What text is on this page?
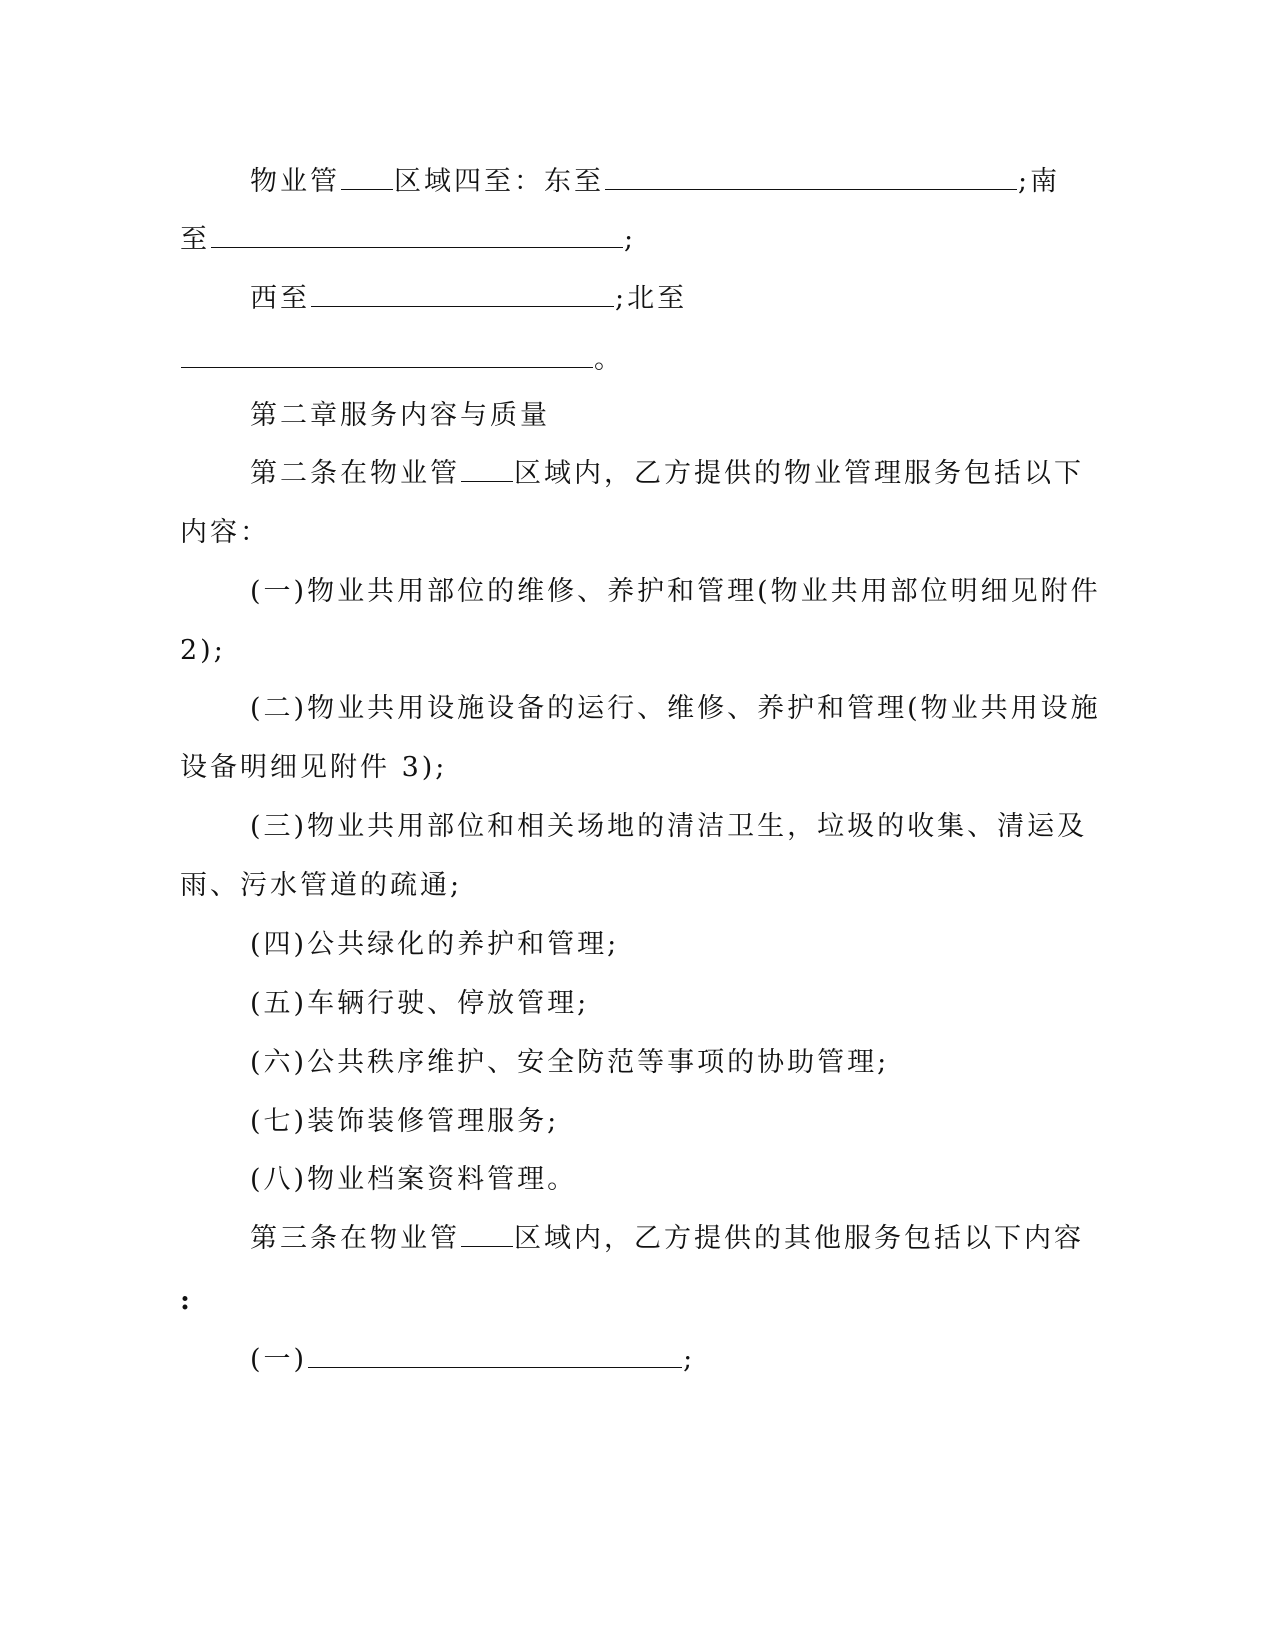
物业管 区域四至：东至	;南
至	;
西至	;北至
。
第二章服务内容与质量
第二条在物业管 区域内，乙方提供的物业管理服务包括以下
内容：
(一)物业共用部位的维修、养护和管理(物业共用部位明细见附件
2);
(二)物业共用设施设备的运行、维修、养护和管理(物业共用设施
设备明细见附件 3);
(三)物业共用部位和相关场地的清洁卫生，垃圾的收集、清运及
雨、污水管道的疏通;
(四)公共绿化的养护和管理;
(五)车辆行驶、停放管理;
(六)公共秩序维护、安全防范等事项的协助管理;
(七)装饰装修管理服务;
(八)物业档案资料管理。
第三条在物业管 区域内，乙方提供的其他服务包括以下内容
:
(一)	;
